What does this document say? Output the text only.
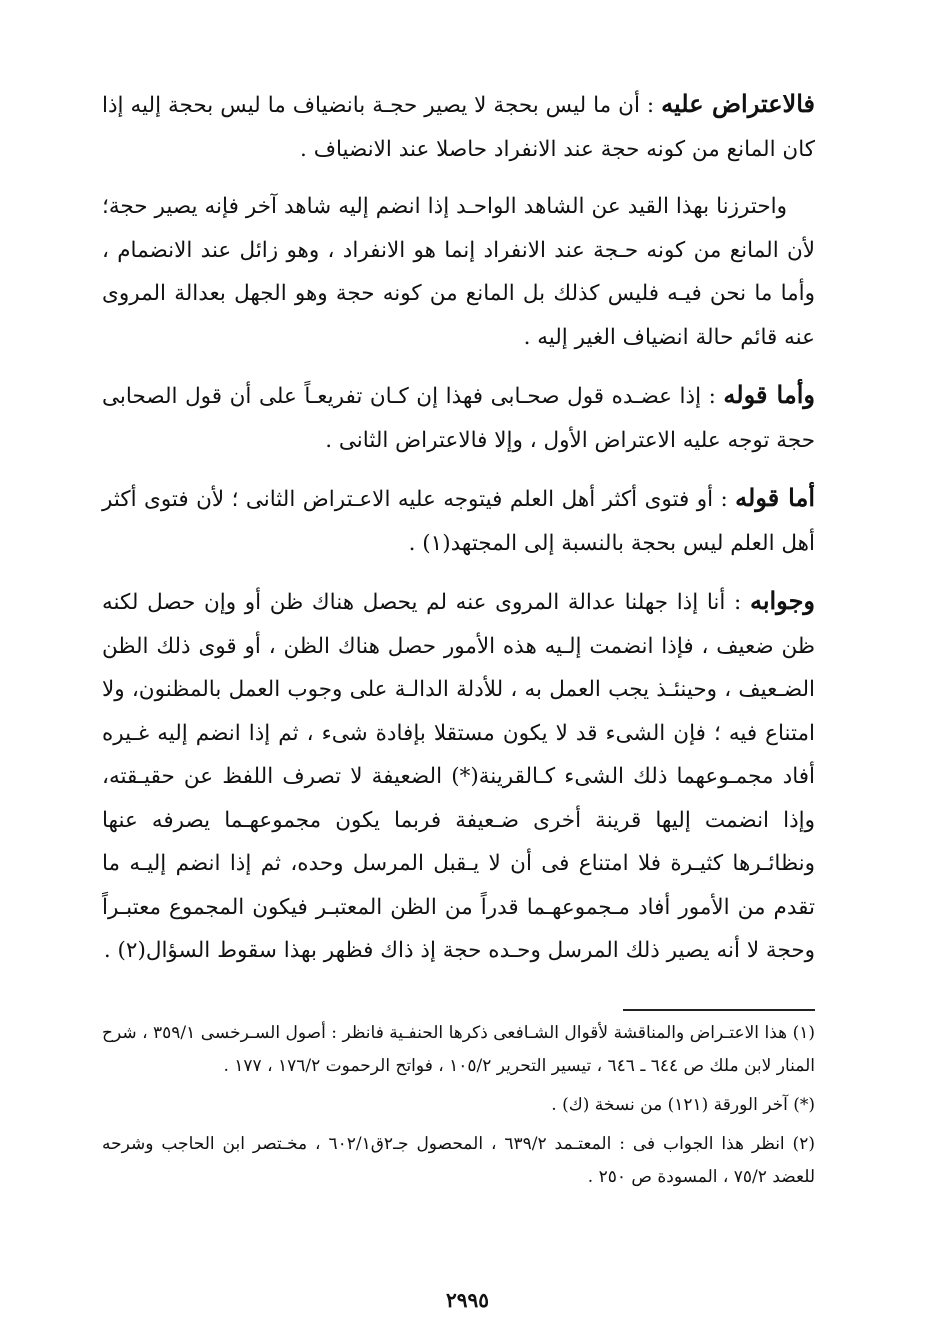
فالاعتراض عليه : أن ما ليس بحجة لا يصير حجـة بانضياف ما ليس بحجة إليه إذا كان المانع من كونه حجة عند الانفراد حاصلا عند الانضياف .

واحترزنا بهذا القيد عن الشاهد الواحـد إذا انضم إليه شاهد آخر فإنه يصير حجة؛ لأن المانع من كونه حـجة عند الانفراد إنما هو الانفراد ، وهو زائل عند الانضمام ، وأما ما نحن فيـه فليس كذلك بل المانع من كونه حجة وهو الجهل بعدالة المروى عنه قائم حالة انضياف الغير إليه .

وأما قوله : إذا عضـده قول صحـابى فهذا إن كـان تفريعـاً على أن قول الصحابى حجة توجه عليه الاعتراض الأول ، وإلا فالاعتراض الثانى .

أما قوله : أو فتوى أكثر أهل العلم فيتوجه عليه الاعـتراض الثانى ؛ لأن فتوى أكثر أهل العلم ليس بحجة بالنسبة إلى المجتهد(١) .

وجوابه : أنا إذا جهلنا عدالة المروى عنه لم يحصل هناك ظن أو وإن حصل لكنه ظن ضعيف ، فإذا انضمت إلـيه هذه الأمور حصل هناك الظن ، أو قوى ذلك الظن الضـعيف ، وحينئـذ يجب العمل به ، للأدلة الدالـة على وجوب العمل بالمظنون، ولا امتناع فيه ؛ فإن الشىء قد لا يكون مستقلا بإفادة شىء ، ثم إذا انضم إليه غـيره أفاد مجمـوعهما ذلك الشىء كـالقرينة(*) الضعيفة لا تصرف اللفظ عن حقيـقته، وإذا انضمت إليها قرينة أخرى ضـعيفة فربما يكون مجموعهـما يصرفه عنها ونظائـرها كثيـرة فلا امتناع فى أن لا يـقبل المرسل وحده، ثم إذا انضم إليـه ما تقدم من الأمور أفاد مـجموعهـما قدراً من الظن المعتبـر فيكون المجموع معتبـراً وحجة لا أنه يصير ذلك المرسل وحـده حجة إذ ذاك فظهر بهذا سقوط السؤال(٢) .

(١) هذا الاعتـراض والمناقشة لأقوال الشـافعى ذكرها الحنفـية فانظر : أصول السـرخسى ٣٥٩/١ ، شرح المنار لابن ملك ص ٦٤٤ ـ ٦٤٦ ، تيسير التحرير ١٠٥/٢ ، فواتح الرحموت ١٧٦/٢ ، ١٧٧ .

(*) آخر الورقة (١٢١) من نسخة (ك) .

(٢) انظر هذا الجواب فى : المعتـمد ٦٣٩/٢ ، المحصول جـ٢ق٦٠٢/١ ، مخـتصر ابن الحاجب وشرحه للعضد ٧٥/٢ ، المسودة ص ٢٥٠ .

٢٩٩٥
